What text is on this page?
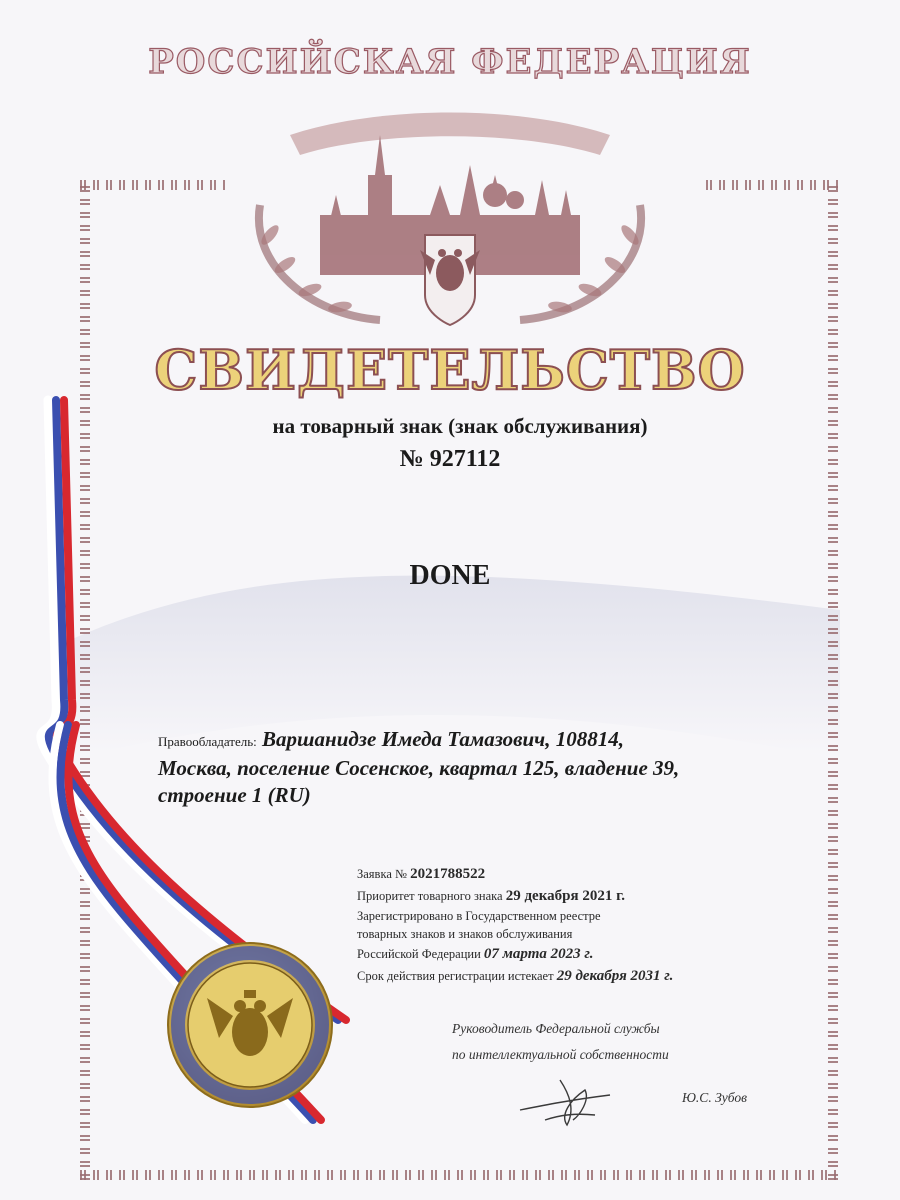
РОССИЙСКАЯ ФЕДЕРАЦИЯ
СВИДЕТЕЛЬСТВО
на товарный знак (знак обслуживания)
№ 927112
DONE
Правообладатель: Варшанидзе Имеда Тамазович, 108814,
Москва, поселение Сосенское, квартал 125, владение 39,
строение 1 (RU)
Заявка № 2021788522
Приоритет товарного знака 29 декабря 2021 г.
Зарегистрировано в Государственном реестре
товарных знаков и знаков обслуживания
Российской Федерации 07 марта 2023 г.
Срок действия регистрации истекает 29 декабря 2031 г.
Руководитель Федеральной службы
по интеллектуальной собственности
Ю.С. Зубов
